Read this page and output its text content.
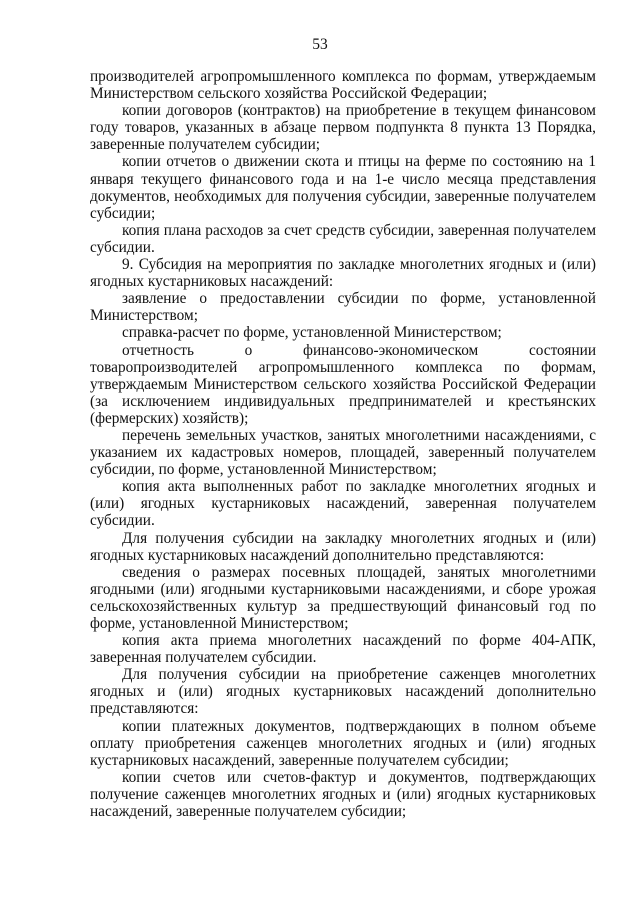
53

производителей агропромышленного комплекса по формам, утверждаемым Министерством сельского хозяйства Российской Федерации;

копии договоров (контрактов) на приобретение в текущем финансовом году товаров, указанных в абзаце первом подпункта 8 пункта 13 Порядка, заверенные получателем субсидии;

копии отчетов о движении скота и птицы на ферме по состоянию на 1 января текущего финансового года и на 1-е число месяца представления документов, необходимых для получения субсидии, заверенные получателем субсидии;

копия плана расходов за счет средств субсидии, заверенная получателем субсидии.

9. Субсидия на мероприятия по закладке многолетних ягодных и (или) ягодных кустарниковых насаждений:

заявление о предоставлении субсидии по форме, установленной Министерством;

справка-расчет по форме, установленной Министерством;

отчетность о финансово-экономическом состоянии товаропроизводителей агропромышленного комплекса по формам, утверждаемым Министерством сельского хозяйства Российской Федерации (за исключением индивидуальных предпринимателей и крестьянских (фермерских) хозяйств);

перечень земельных участков, занятых многолетними насаждениями, с указанием их кадастровых номеров, площадей, заверенный получателем субсидии, по форме, установленной Министерством;

копия акта выполненных работ по закладке многолетних ягодных и (или) ягодных кустарниковых насаждений, заверенная получателем субсидии.

Для получения субсидии на закладку многолетних ягодных и (или) ягодных кустарниковых насаждений дополнительно представляются:

сведения о размерах посевных площадей, занятых многолетними ягодными (или) ягодными кустарниковыми насаждениями, и сборе урожая сельскохозяйственных культур за предшествующий финансовый год по форме, установленной Министерством;

копия акта приема многолетних насаждений по форме 404-АПК, заверенная получателем субсидии.

Для получения субсидии на приобретение саженцев многолетних ягодных и (или) ягодных кустарниковых насаждений дополнительно представляются:

копии платежных документов, подтверждающих в полном объеме оплату приобретения саженцев многолетних ягодных и (или) ягодных кустарниковых насаждений, заверенные получателем субсидии;

копии счетов или счетов-фактур и документов, подтверждающих получение саженцев многолетних ягодных и (или) ягодных кустарниковых насаждений, заверенные получателем субсидии;
